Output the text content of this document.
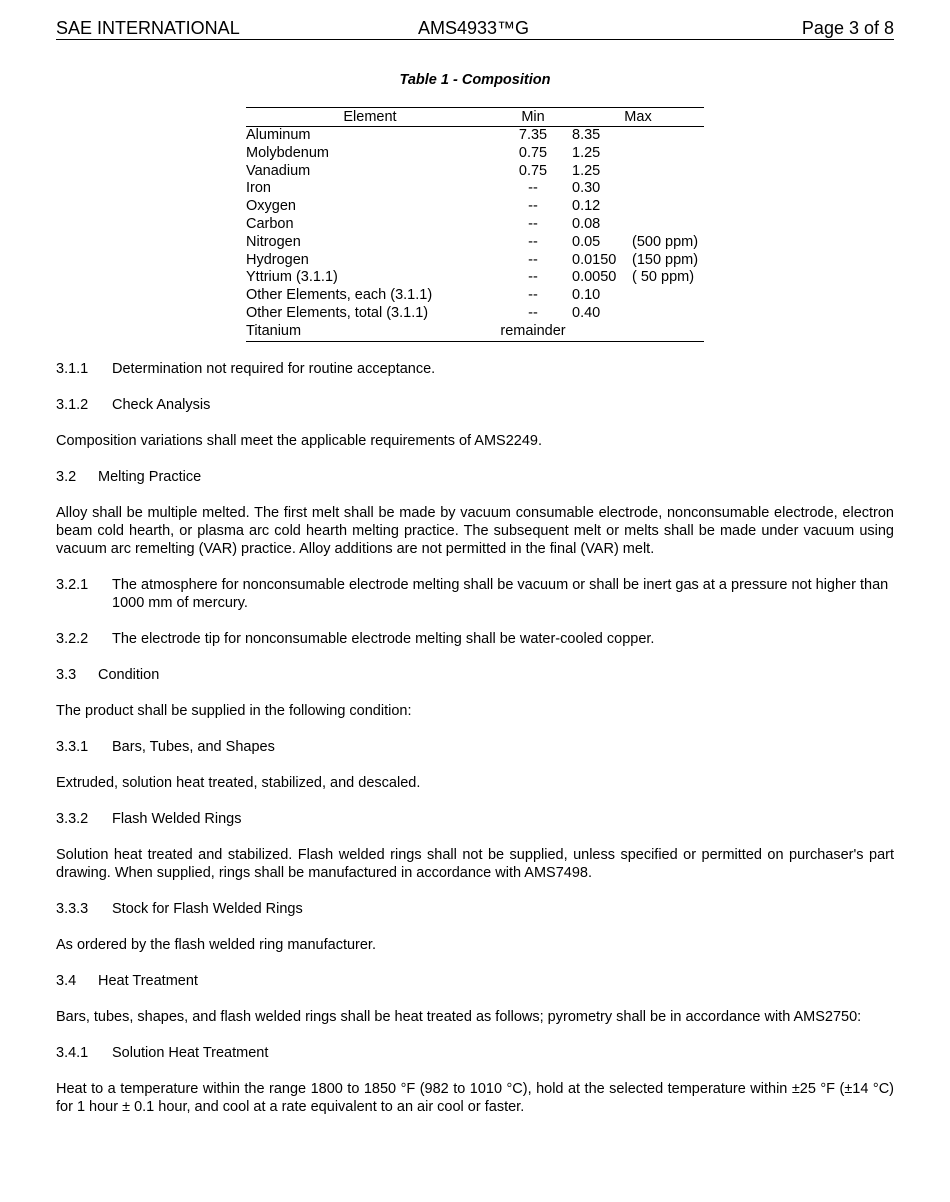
SAE INTERNATIONAL	AMS4933™G	Page 3 of 8
Table 1 - Composition
Element	Min	Max	
Aluminum	7.35	8.35	
Molybdenum	0.75	1.25	
Vanadium	0.75	1.25	
Iron	--	0.30	
Oxygen	--	0.12	
Carbon	--	0.08	
Nitrogen	--	0.05	(500 ppm)
Hydrogen	--	0.0150	(150 ppm)
Yttrium (3.1.1)	--	0.0050	( 50 ppm)
Other Elements, each (3.1.1)	--	0.10	
Other Elements, total (3.1.1)	--	0.40	
Titanium	remainder		

3.1.1 Determination not required for routine acceptance.

3.1.2 Check Analysis

Composition variations shall meet the applicable requirements of AMS2249.

3.2 Melting Practice

Alloy shall be multiple melted. The first melt shall be made by vacuum consumable electrode, nonconsumable electrode, electron beam cold hearth, or plasma arc cold hearth melting practice. The subsequent melt or melts shall be made under vacuum using vacuum arc remelting (VAR) practice. Alloy additions are not permitted in the final (VAR) melt.

3.2.1 The atmosphere for nonconsumable electrode melting shall be vacuum or shall be inert gas at a pressure not higher than 1000 mm of mercury.

3.2.2 The electrode tip for nonconsumable electrode melting shall be water-cooled copper.

3.3 Condition

The product shall be supplied in the following condition:

3.3.1 Bars, Tubes, and Shapes

Extruded, solution heat treated, stabilized, and descaled.

3.3.2 Flash Welded Rings

Solution heat treated and stabilized. Flash welded rings shall not be supplied, unless specified or permitted on purchaser's part drawing. When supplied, rings shall be manufactured in accordance with AMS7498.

3.3.3 Stock for Flash Welded Rings

As ordered by the flash welded ring manufacturer.

3.4 Heat Treatment

Bars, tubes, shapes, and flash welded rings shall be heat treated as follows; pyrometry shall be in accordance with AMS2750:

3.4.1 Solution Heat Treatment

Heat to a temperature within the range 1800 to 1850 °F (982 to 1010 °C), hold at the selected temperature within ±25 °F (±14 °C) for 1 hour ± 0.1 hour, and cool at a rate equivalent to an air cool or faster.
